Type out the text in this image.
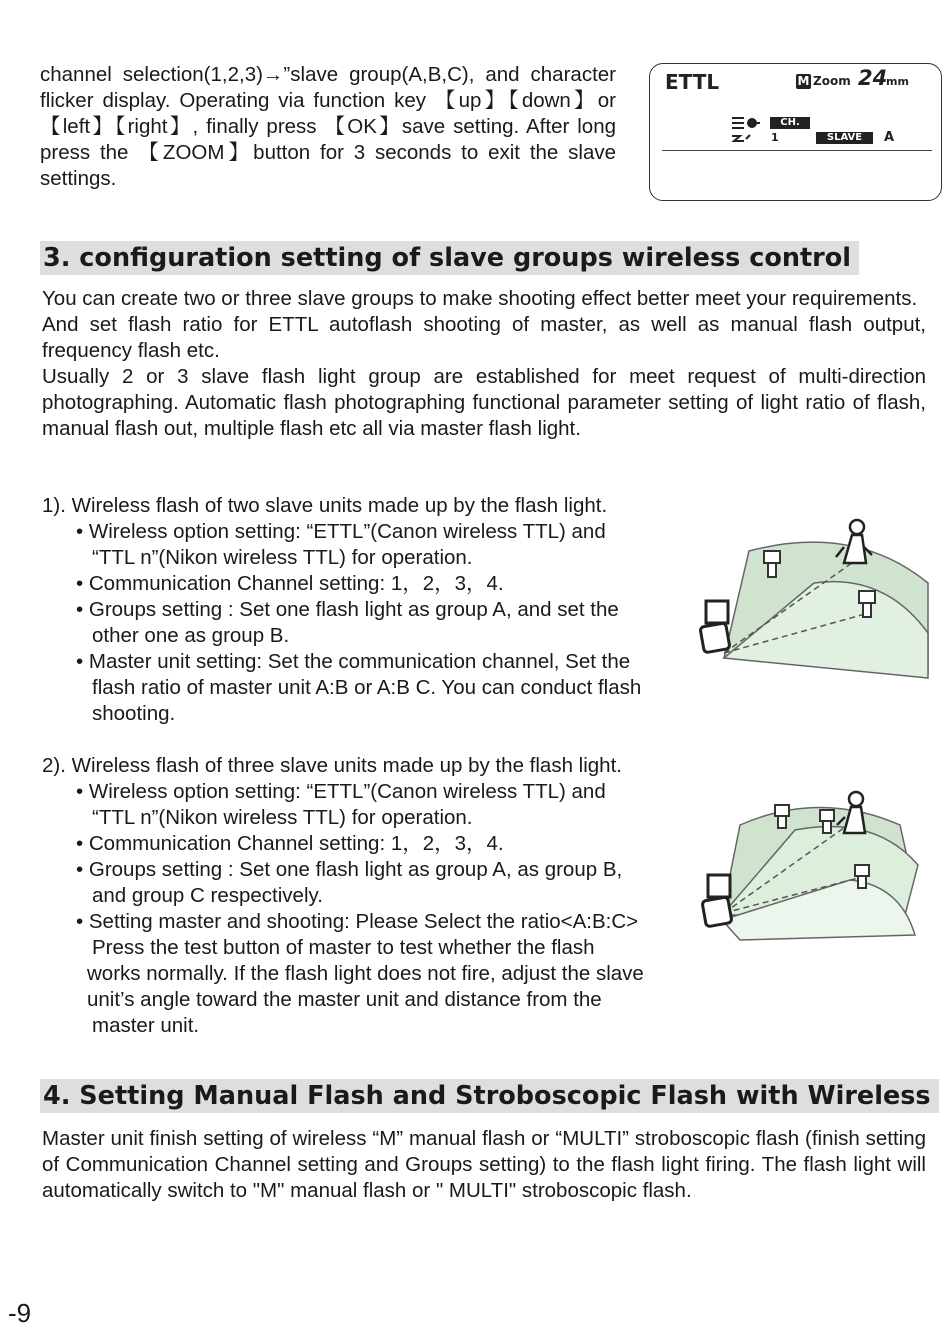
channel selection(1,2,3)→”slave group(A,B,C), and character flicker display. Operating via function key 【up】【down】or【left】【right】, finally press 【OK】save setting. After long press the 【ZOOM】button for 3 seconds to exit the slave settings.

ETTL	M Zoom 24
mm
CH.
1	SLAVE	A
3. configuration setting of slave groups wireless control

You can create two or three slave groups to make shooting effect better meet your requirements.

And set flash ratio for ETTL autoflash shooting of master, as well as manual flash output, frequency flash etc.

Usually 2 or 3 slave flash light group are established for meet request of multi-direction photographing. Automatic flash photographing functional parameter setting of light ratio of flash, manual flash out, multiple flash etc all via master flash light.

1). Wireless flash of two slave units made up by the flash light.

• Wireless option setting: “ETTL”(Canon wireless TTL) and

“TTL n”(Nikon wireless TTL) for operation.

• Communication Channel setting: 1，2，3，4.

• Groups setting : Set one flash light as group A, and set the

other one as group B.

• Master unit setting: Set the communication channel, Set the

flash ratio of master unit A:B or A:B C. You can conduct flash

shooting.

2). Wireless flash of three slave units made up by the flash light.

• Wireless option setting: “ETTL”(Canon wireless TTL) and

“TTL n”(Nikon wireless TTL) for operation.

• Communication Channel setting: 1，2，3，4.

• Groups setting : Set one flash light as group A, as group B,

and group C respectively.

• Setting master and shooting: Please Select the ratio<A:B:C>

Press the test button of master to test whether the flash

works normally. If the flash light does not fire, adjust the slave

unit’s angle toward the master unit and distance from the

master unit.

4. Setting Manual Flash and Stroboscopic Flash with Wireless

Master unit finish setting of wireless “M” manual flash or “MULTI” stroboscopic flash (finish setting of Communication Channel setting and Groups setting) to the flash light firing. The flash light will automatically switch to "M" manual flash or " MULTI" stroboscopic flash.

-9
